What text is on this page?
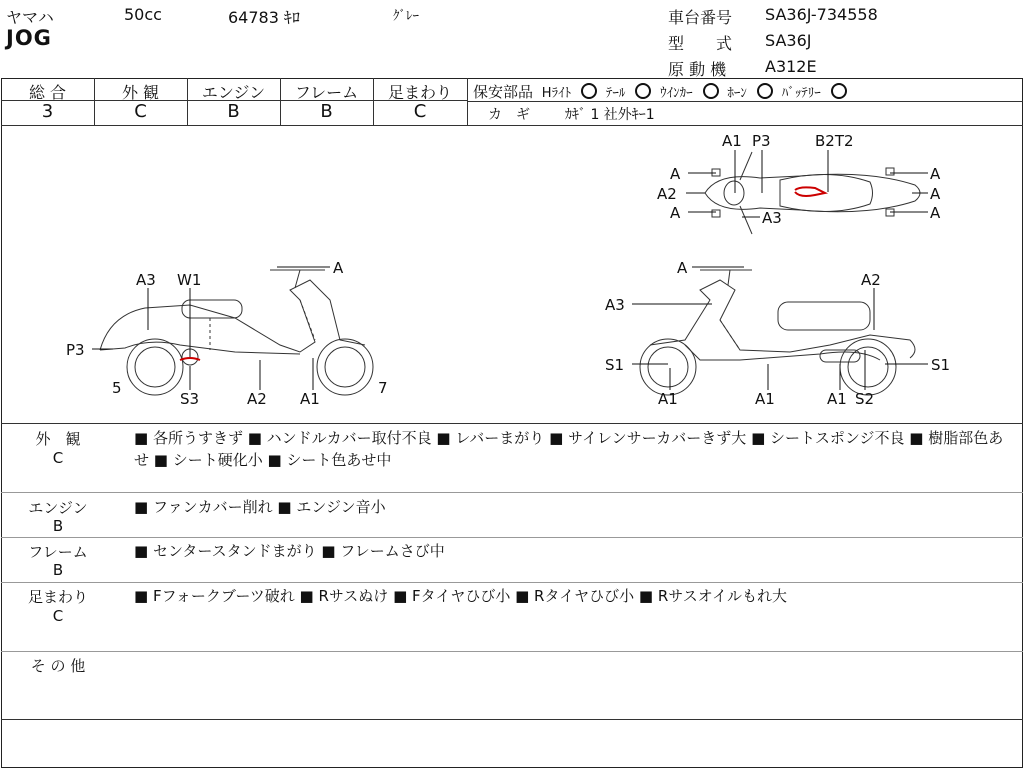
ヤマハ	50cc	64783 ｷﾛ	ｸﾞﾚｰ
JOG
車台番号 SA36J-734558
型　　式 SA36J
原 動 機 A312E
総 合	外 観	エンジン	フレーム	足まわり
3	C	B	B	C
保安部品 Hﾗｲﾄ	ﾃｰﾙ	ｳｲﾝｶｰ	ﾎｰﾝ	ﾊﾞｯﾃﾘｰ
カ　ギ	ｶｷﾞ 1 社外ｷｰ1
A1 P3	B2T2
A
A2
A	A3
A
A
A
A
A3 W1
P3
5
S3	A2 A1
7
A
A3
A2
S1
A1	A1	A1 S2
S1
外　観
C
■ 各所うすきず ■ ハンドルカバー取付不良 ■ レバーまがり ■ サイレンサーカバーきず大 ■ シートスポンジ不良 ■ 樹脂部色あせ ■ シート硬化小 ■ シート色あせ中
エンジン
B
■ ファンカバー削れ ■ エンジン音小
フレーム
B
■ センタースタンドまがり ■ フレームさび中
足まわり
C
■ Fフォークブーツ破れ ■ Rサスぬけ ■ Fタイヤひび小 ■ Rタイヤひび小 ■ Rサスオイルもれ大
そ の 他
